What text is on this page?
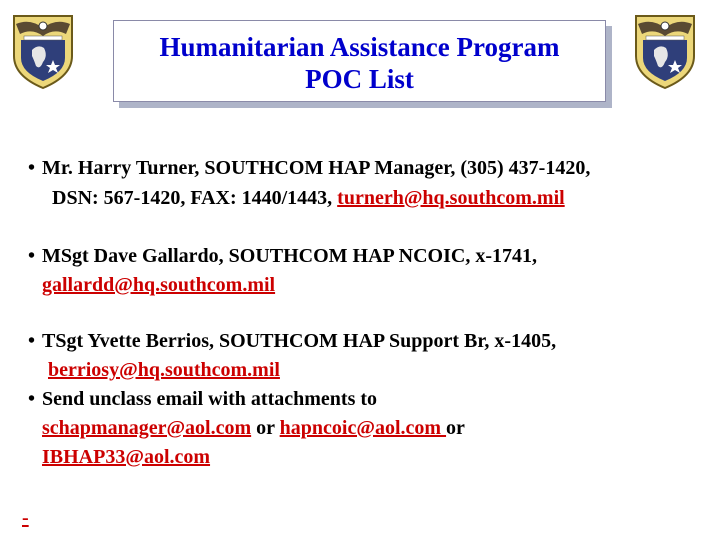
Humanitarian Assistance Program
POC List
• Mr. Harry Turner, SOUTHCOM HAP Manager, (305) 437-1420,
DSN: 567-1420, FAX: 1440/1443, turnerh@hq.southcom.mil
• MSgt Dave Gallardo, SOUTHCOM HAP NCOIC, x-1741,
gallardd@hq.southcom.mil
• TSgt Yvette Berrios, SOUTHCOM HAP Support Br, x-1405,
berriosy@hq.southcom.mil
• Send unclass email with attachments to
schapmanager@aol.com or hapncoic@aol.com or
IBHAP33@aol.com
-
